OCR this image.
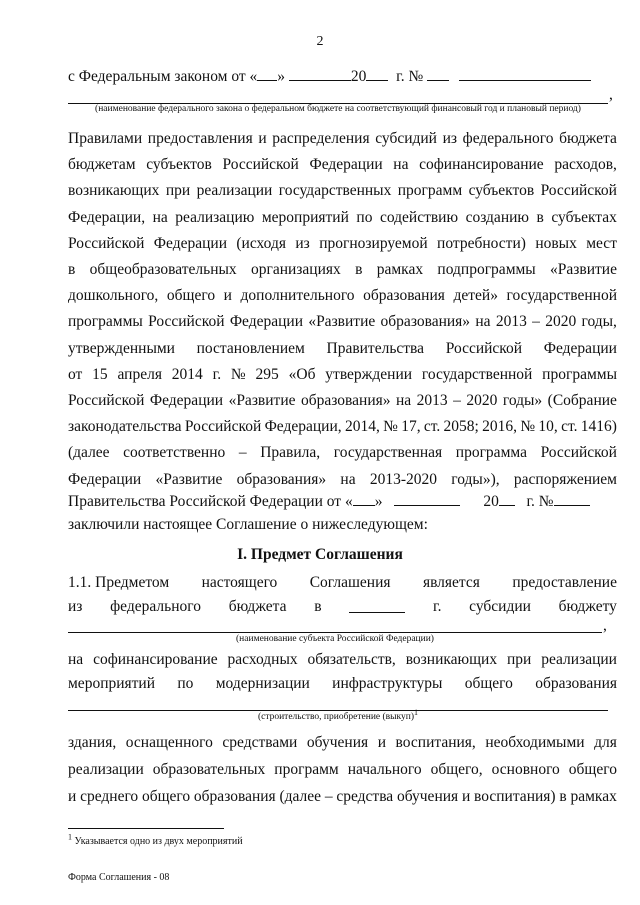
2
с Федеральным законом от « »	20 г. №
,
(наименование федерального закона о федеральном бюджете на соответствующий финансовый год и плановый период)
Правилами предоставления и распределения субсидий из федерального бюджета
бюджетам субъектов Российской Федерации на софинансирование расходов,
возникающих при реализации государственных программ субъектов Российской
Федерации, на реализацию мероприятий по содействию созданию в субъектах
Российской Федерации (исходя из прогнозируемой потребности) новых мест
в общеобразовательных организациях в рамках подпрограммы «Развитие
дошкольного, общего и дополнительного образования детей» государственной
программы Российской Федерации «Развитие образования» на 2013 – 2020 годы,
утвержденными постановлением Правительства Российской Федерации
от 15 апреля 2014 г. № 295 «Об утверждении государственной программы
Российской Федерации «Развитие образования» на 2013 – 2020 годы» (Собрание
законодательства Российской Федерации, 2014, № 17, ст. 2058; 2016, № 10, ст. 1416)
(далее соответственно – Правила, государственная программа Российской
Федерации «Развитие образования» на 2013-2020 годы»), распоряжением
Правительства Российской Федерации от « »	20 г. №
заключили настоящее Соглашение о нижеследующем:
I. Предмет Соглашения
1.1. Предметом настоящего Соглашения является предоставление
из федерального бюджета в	г. субсидии бюджету
,
(наименование субъекта Российской Федерации)
на софинансирование расходных обязательств, возникающих при реализации
мероприятий по модернизации инфраструктуры общего образования
(строительство, приобретение (выкуп)$^1$
здания, оснащенного средствами обучения и воспитания, необходимыми для
реализации образовательных программ начального общего, основного общего
и среднего общего образования (далее – средства обучения и воспитания) в рамках
$^1$ Указывается одно из двух мероприятий
Форма Соглашения - 08
